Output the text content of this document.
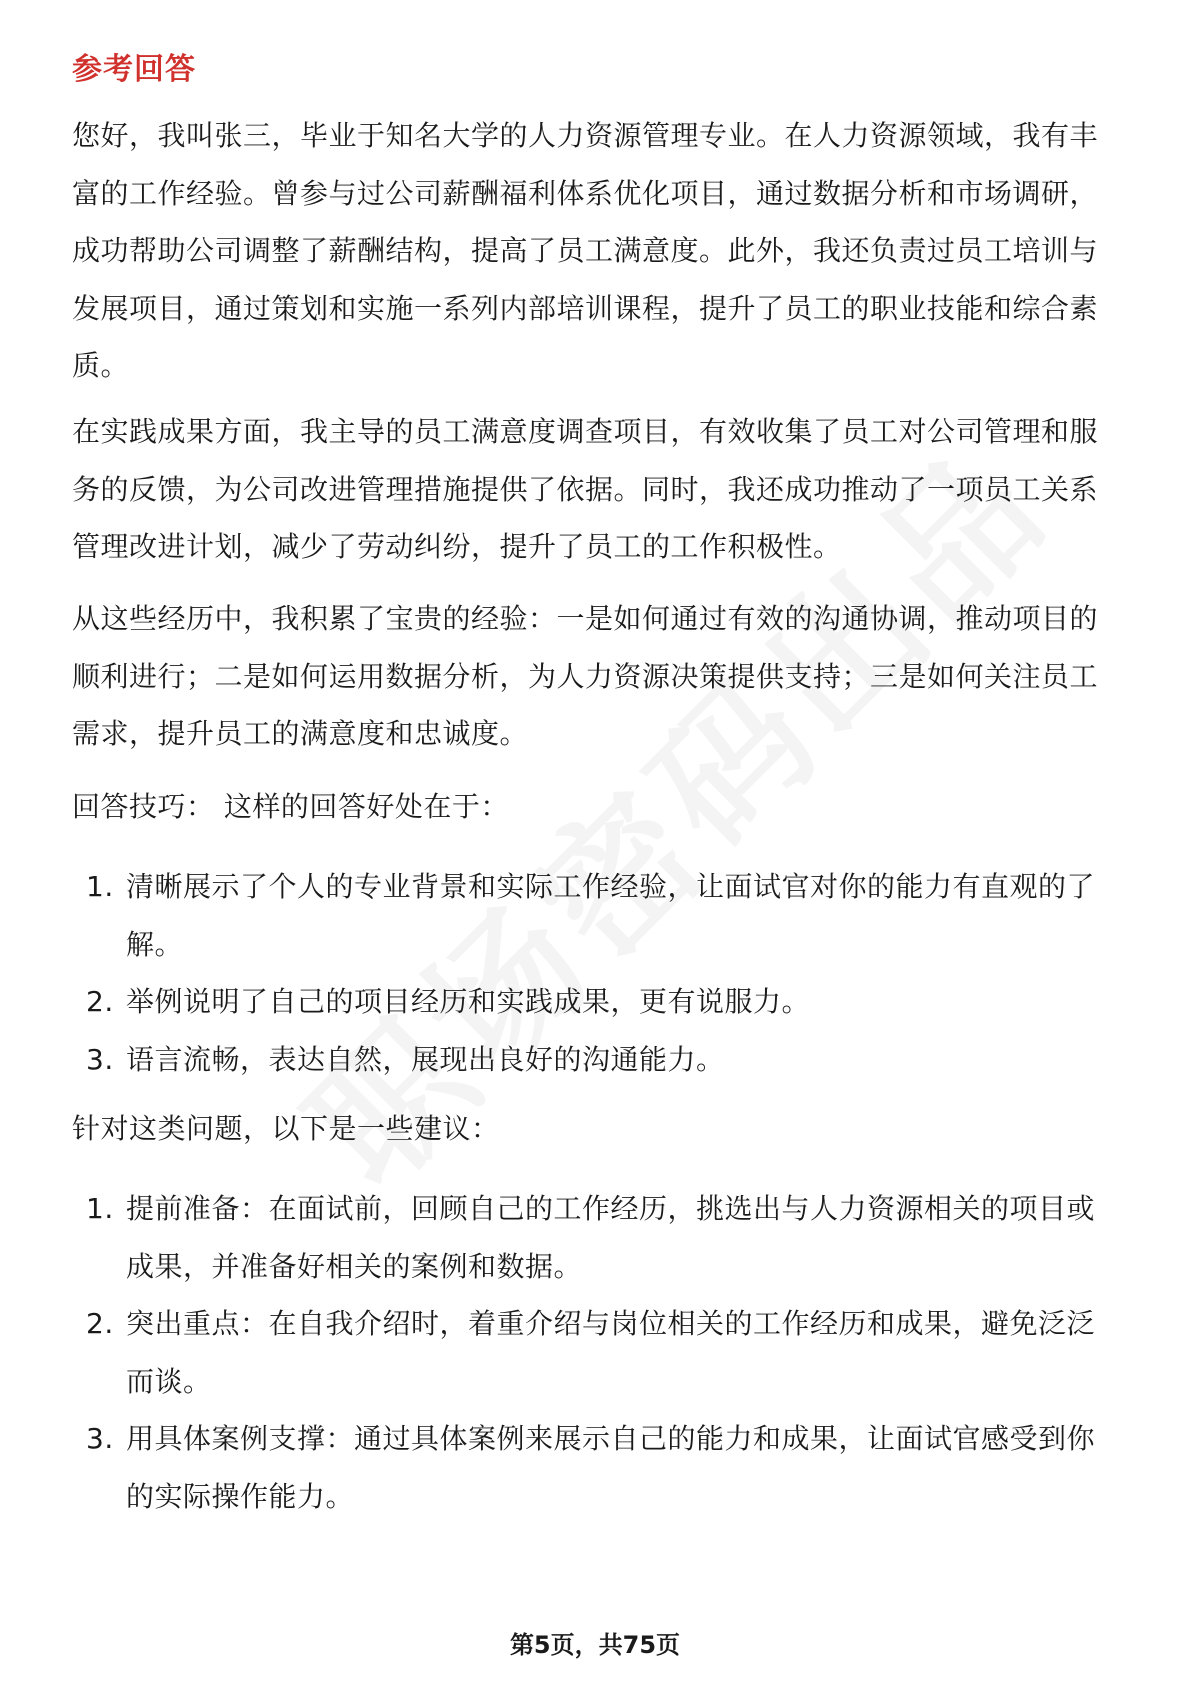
参考回答

您好，我叫张三，毕业于知名大学的人力资源管理专业。在人力资源领域，我有丰富的工作经验。曾参与过公司薪酬福利体系优化项目，通过数据分析和市场调研，成功帮助公司调整了薪酬结构，提高了员工满意度。此外，我还负责过员工培训与发展项目，通过策划和实施一系列内部培训课程，提升了员工的职业技能和综合素质。

在实践成果方面，我主导的员工满意度调查项目，有效收集了员工对公司管理和服务的反馈，为公司改进管理措施提供了依据。同时，我还成功推动了一项员工关系管理改进计划，减少了劳动纠纷，提升了员工的工作积极性。

从这些经历中，我积累了宝贵的经验：一是如何通过有效的沟通协调，推动项目的顺利进行；二是如何运用数据分析，为人力资源决策提供支持；三是如何关注员工需求，提升员工的满意度和忠诚度。

回答技巧： 这样的回答好处在于：

1. 清晰展示了个人的专业背景和实际工作经验，让面试官对你的能力有直观的了解。
2. 举例说明了自己的项目经历和实践成果，更有说服力。
3. 语言流畅，表达自然，展现出良好的沟通能力。

针对这类问题，以下是一些建议：

1. 提前准备：在面试前，回顾自己的工作经历，挑选出与人力资源相关的项目或成果，并准备好相关的案例和数据。
2. 突出重点：在自我介绍时，着重介绍与岗位相关的工作经历和成果，避免泛泛而谈。
3. 用具体案例支撑：通过具体案例来展示自己的能力和成果，让面试官感受到你的实际操作能力。
第5页，共75页
